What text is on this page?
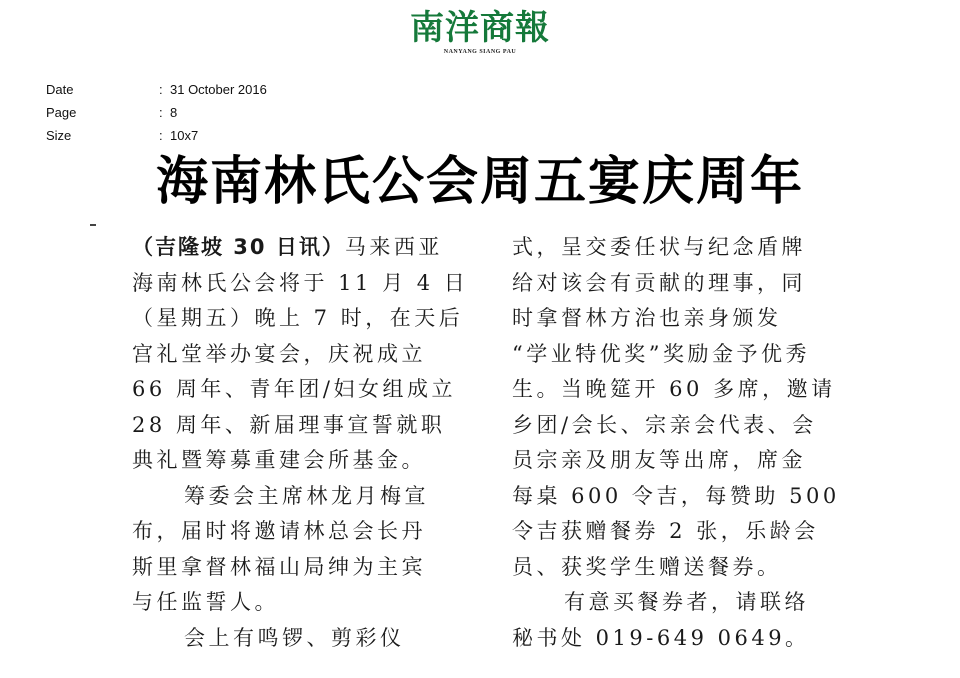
南洋商報
NANYANG SIANG PAU
Date	: 31 October 2016
Page	: 8
Size	: 10x7
海南林氏公会周五宴庆周年
（吉隆坡 30 日讯）马来西亚
海南林氏公会将于 11 月 4 日
（星期五）晚上 7 时，在天后
宫礼堂举办宴会，庆祝成立
66 周年、青年团/妇女组成立
28 周年、新届理事宣誓就职
典礼暨筹募重建会所基金。
筹委会主席林龙月梅宣
布，届时将邀请林总会长丹
斯里拿督林福山局绅为主宾
与任监誓人。
会上有鸣锣、剪彩仪
式，呈交委任状与纪念盾牌
给对该会有贡献的理事，同
时拿督林方治也亲身颁发
“学业特优奖”奖励金予优秀
生。当晚筵开 60 多席，邀请
乡团/会长、宗亲会代表、会
员宗亲及朋友等出席，席金
每桌 600 令吉，每赞助 500
令吉获赠餐券 2 张，乐龄会
员、获奖学生赠送餐券。
有意买餐券者，请联络
秘书处 019-649 0649。
